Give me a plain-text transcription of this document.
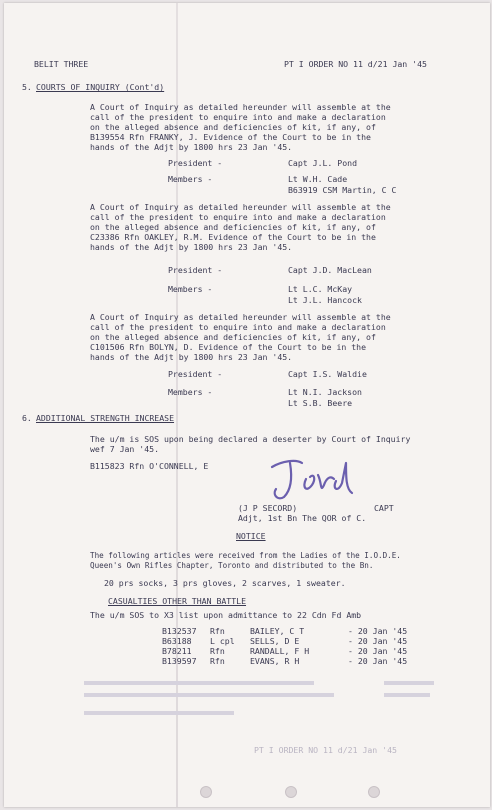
BELIT THREE	PT I ORDER NO 11 d/21 Jan '45
5. COURTS OF INQUIRY (Cont'd)
A Court of Inquiry as detailed hereunder will assemble at the
call of the president to enquire into and make a declaration
on the alleged absence and deficiencies of kit, if any, of
B139554 Rfn FRANKY, J. Evidence of the Court to be in the
hands of the Adjt by 1800 hrs 23 Jan '45.
President -	Capt J.L. Pond
Members -	Lt W.H. Cade
B63919 CSM Martin, C C
A Court of Inquiry as detailed hereunder will assemble at the
call of the president to enquire into and make a declaration
on the alleged absence and deficiencies of kit, if any, of
C23386 Rfn OAKLEY, R.M. Evidence of the Court to be in the
hands of the Adjt by 1800 hrs 23 Jan '45.
President -	Capt J.D. MacLean
Members -	Lt L.C. McKay
Lt J.L. Hancock
A Court of Inquiry as detailed hereunder will assemble at the
call of the president to enquire into and make a declaration
on the alleged absence and deficiencies of kit, if any, of
C101506 Rfn BOLYN, D. Evidence of the Court to be in the
hands of the Adjt by 1800 hrs 23 Jan '45.
President -	Capt I.S. Waldie
Members -	Lt N.I. Jackson
Lt S.B. Beere
6. ADDITIONAL STRENGTH INCREASE
The u/m is SOS upon being declared a deserter by Court of Inquiry
wef 7 Jan '45.
B115823 Rfn O'CONNELL, E
(J P SECORD)	CAPT
Adjt, 1st Bn The QOR of C.
NOTICE
The following articles were received from the Ladies of the I.O.D.E.
Queen's Own Rifles Chapter, Toronto and distributed to the Bn.
20 prs socks, 3 prs gloves, 2 scarves, 1 sweater.
CASUALTIES OTHER THAN BATTLE
The u/m SOS to X3 list upon admittance to 22 Cdn Fd Amb
B132537 Rfn	BAILEY, C T	- 20 Jan '45
B63188 L cpl SELLS, D E	- 20 Jan '45
B78211 Rfn	RANDALL, F H	- 20 Jan '45
B139597 Rfn	EVANS, R H	- 20 Jan '45
PT I ORDER NO 11 d/21 Jan '45
